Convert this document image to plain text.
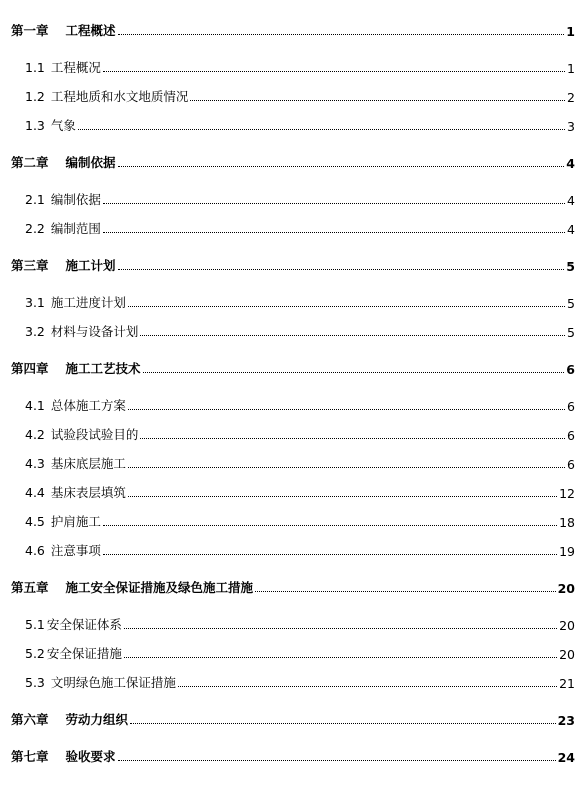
第一章 工程概述	1
1.1 工程概况	1
1.2 工程地质和水文地质情况	2
1.3 气象	3
第二章 编制依据	4
2.1 编制依据	4
2.2 编制范围	4
第三章 施工计划	5
3.1 施工进度计划	5
3.2 材料与设备计划	5
第四章 施工工艺技术	6
4.1 总体施工方案	6
4.2 试验段试验目的	6
4.3 基床底层施工	6
4.4 基床表层填筑	12
4.5 护肩施工	18
4.6 注意事项	19
第五章 施工安全保证措施及绿色施工措施	20
5.1 安全保证体系	20
5.2 安全保证措施	20
5.3 文明绿色施工保证措施	21
第六章 劳动力组织	23
第七章 验收要求	24
